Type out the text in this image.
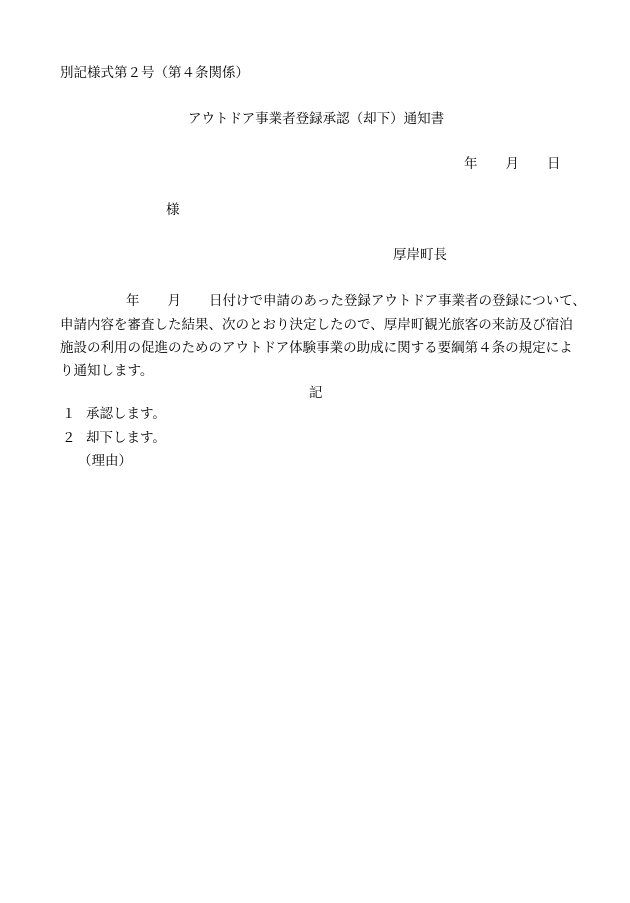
別記様式第２号（第４条関係）
アウトドア事業者登録承認（却下）通知書
年 月 日
様
厚岸町長
年 月 日付けで申請のあった登録アウトドア事業者の登録について、
申請内容を審査した結果、次のとおり決定したので、厚岸町観光旅客の来訪及び宿泊
施設の利用の促進のためのアウトドア体験事業の助成に関する要綱第４条の規定によ
り通知します。
記
１ 承認します。
２ 却下します。
（理由）
